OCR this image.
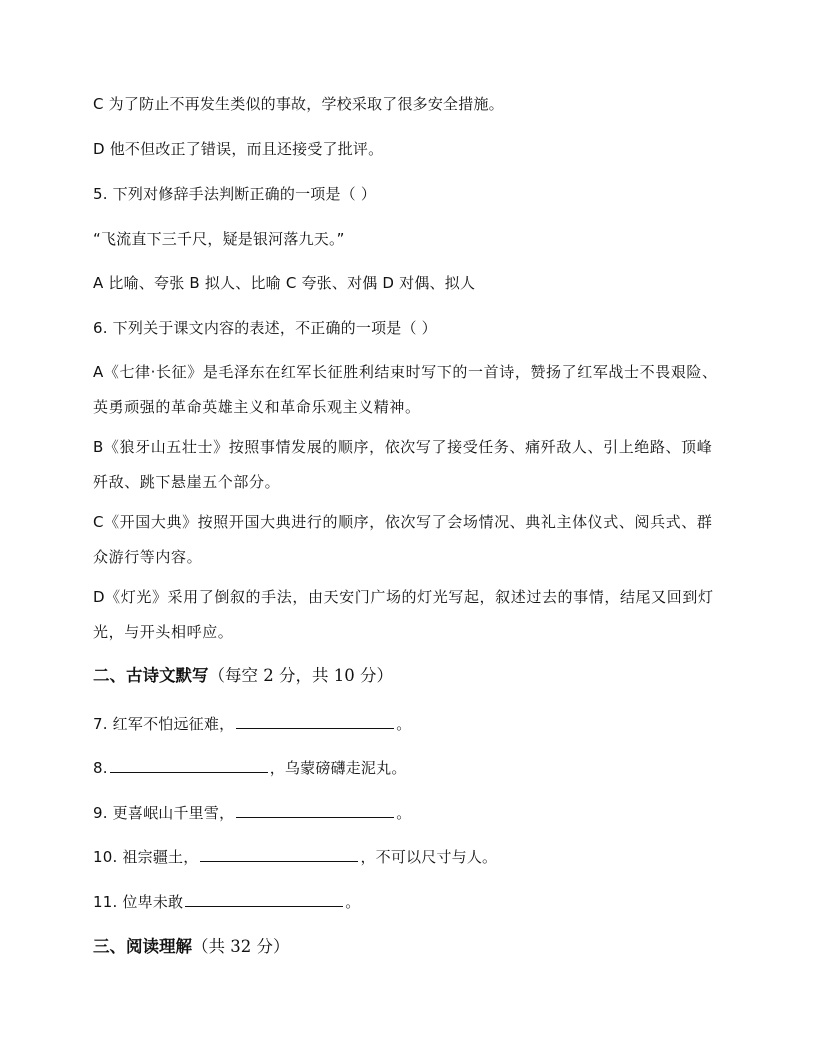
C 为了防止不再发生类似的事故，学校采取了很多安全措施。
D 他不但改正了错误，而且还接受了批评。
5. 下列对修辞手法判断正确的一项是（ ）
“飞流直下三千尺，疑是银河落九天。”
A 比喻、夸张 B 拟人、比喻 C 夸张、对偶 D 对偶、拟人
6. 下列关于课文内容的表述，不正确的一项是（ ）
A《七律·长征》是毛泽东在红军长征胜利结束时写下的一首诗，赞扬了红军战士不畏艰险、英勇顽强的革命英雄主义和革命乐观主义精神。
B《狼牙山五壮士》按照事情发展的顺序，依次写了接受任务、痛歼敌人、引上绝路、顶峰歼敌、跳下悬崖五个部分。
C《开国大典》按照开国大典进行的顺序，依次写了会场情况、典礼主体仪式、阅兵式、群众游行等内容。
D《灯光》采用了倒叙的手法，由天安门广场的灯光写起，叙述过去的事情，结尾又回到灯光，与开头相呼应。
二、古诗文默写（每空 2 分，共 10 分）
7. 红军不怕远征难，	。
8.	，乌蒙磅礴走泥丸。
9. 更喜岷山千里雪，	。
10. 祖宗疆土，	，不可以尺寸与人。
11. 位卑未敢	。
三、阅读理解（共 32 分）
